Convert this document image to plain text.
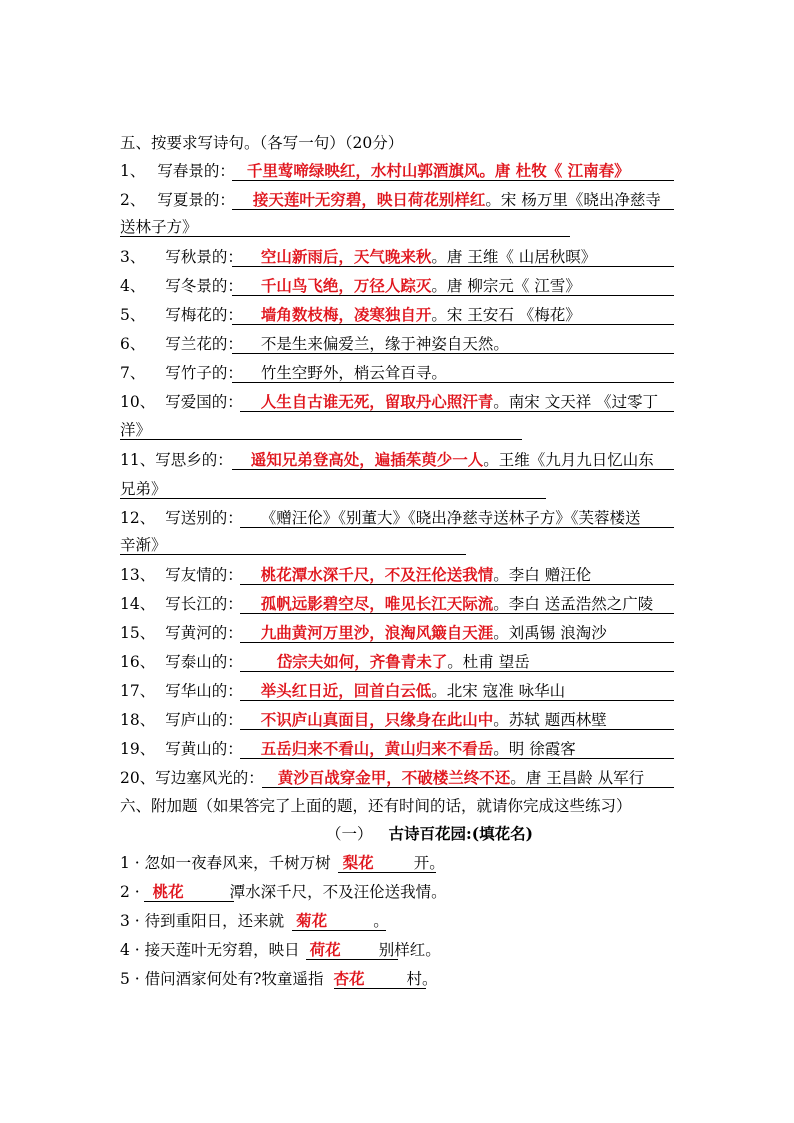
五、按要求写诗句。（各写一句）（20分）
1、 写春景的： 千里莺啼绿映红，水村山郭酒旗风。唐 杜牧《 江南春》
2、 写夏景的： 接天莲叶无穷碧，映日荷花别样红。宋 杨万里《晓出净慈寺
送林子方》
3、 写秋景的： 空山新雨后，天气晚来秋。唐 王维《 山居秋暝》
4、 写冬景的： 千山鸟飞绝，万径人踪灭。唐 柳宗元《 江雪》
5、 写梅花的： 墙角数枝梅，凌寒独自开。宋 王安石 《梅花》
6、 写兰花的： 不是生来偏爱兰，缘于神姿自天然。
7、 写竹子的： 竹生空野外，梢云耸百寻。
10、 写爱国的： 人生自古谁无死，留取丹心照汗青。南宋 文天祥 《过零丁
洋》
11、写思乡的： 遥知兄弟登高处，遍插茱萸少一人。王维《九月九日忆山东
兄弟》
12、 写送别的： 《赠汪伦》《别董大》《晓出净慈寺送林子方》《芙蓉楼送
辛渐》
13、 写友情的： 桃花潭水深千尺，不及汪伦送我情。李白 赠汪伦
14、 写长江的： 孤帆远影碧空尽，唯见长江天际流。李白 送孟浩然之广陵
15、 写黄河的： 九曲黄河万里沙，浪淘风簸自天涯。刘禹锡 浪淘沙
16、 写泰山的： 岱宗夫如何，齐鲁青未了。杜甫 望岳
17、 写华山的： 举头红日近，回首白云低。北宋 寇准 咏华山
18、 写庐山的： 不识庐山真面目，只缘身在此山中。苏轼 题西林壁
19、 写黄山的： 五岳归来不看山，黄山归来不看岳。明 徐霞客
20、写边塞风光的： 黄沙百战穿金甲，不破楼兰终不还。唐 王昌龄 从军行
六、附加题（如果答完了上面的题，还有时间的话，就请你完成这些练习）
（一） 古诗百花园:(填花名)
1 · 忽如一夜春风来，千树万树 梨花	开。
2 · 桃花	潭水深千尺，不及汪伦送我情。
3 · 待到重阳日，还来就 菊花	。
4 · 接天莲叶无穷碧，映日 荷花 别样红。
5 · 借问酒家何处有?牧童遥指 杏花	村。
